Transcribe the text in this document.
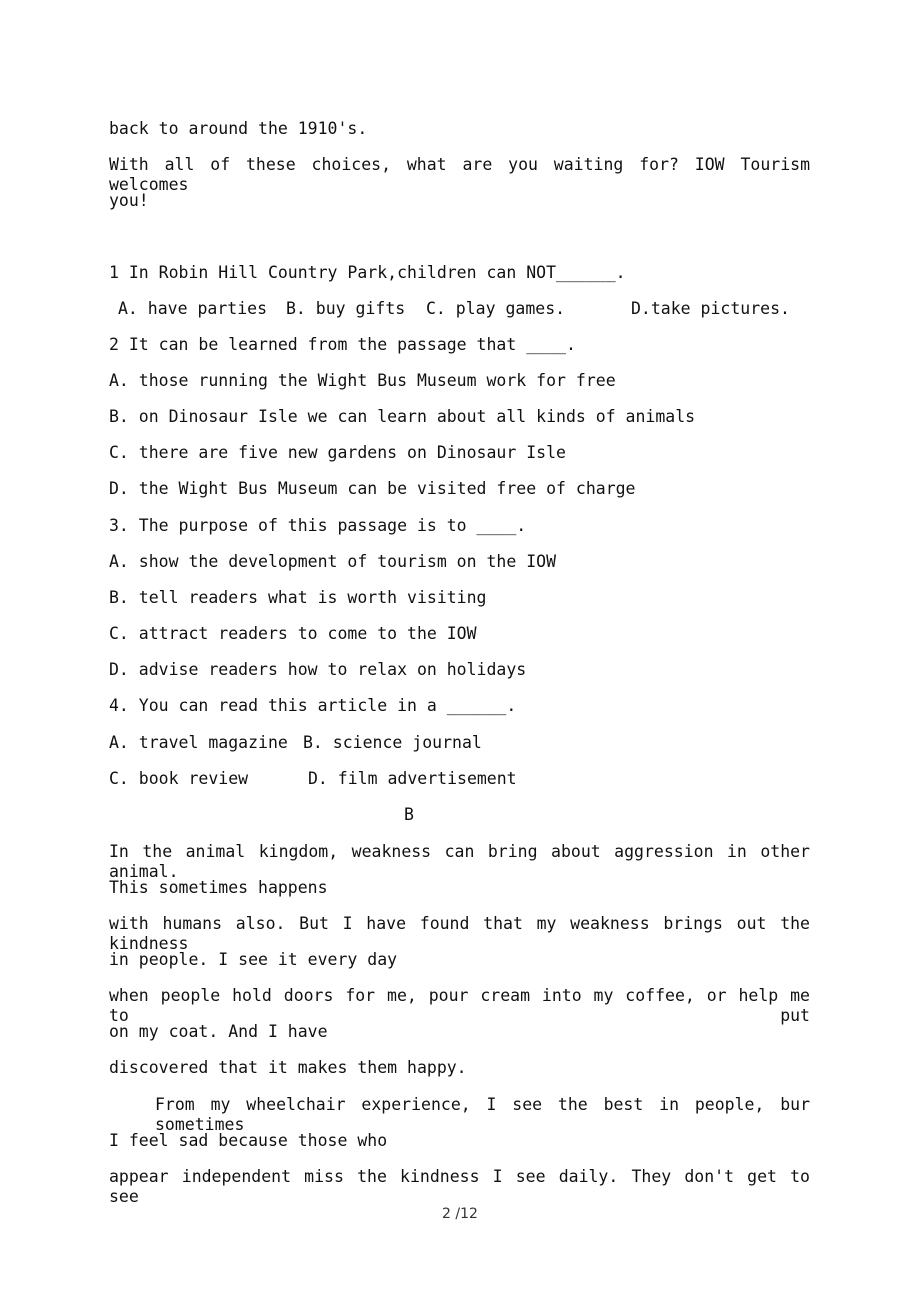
back to around the 1910's.
With all of these choices, what are you waiting for? IOW Tourism welcomes
you!
1 In Robin Hill Country Park,children can NOT______.
A. have parties B. buy gifts C. play games.	D.take pictures.
2 It can be learned from the passage that ____.
A. those running the Wight Bus Museum work for free
B. on Dinosaur Isle we can learn about all kinds of animals
C. there are five new gardens on Dinosaur Isle
D. the Wight Bus Museum can be visited free of charge
3. The purpose of this passage is to ____.
A. show the development of tourism on the IOW
B. tell readers what is worth visiting
C. attract readers to come to the IOW
D. advise readers how to relax on holidays
4. You can read this article in a ______.
A. travel magazine B. science journal
C. book review	D. film advertisement
B
In the animal kingdom, weakness can bring about aggression in other animal.
This sometimes happens
with humans also. But I have found that my weakness brings out the kindness
in people. I see it every day
when people hold doors for me, pour cream into my coffee, or help me to put
on my coat. And I have
discovered that it makes them happy.
From my wheelchair experience, I see the best in people, bur sometimes
I feel sad because those who
appear independent miss the kindness I see daily. They don't get to see
2 /12
